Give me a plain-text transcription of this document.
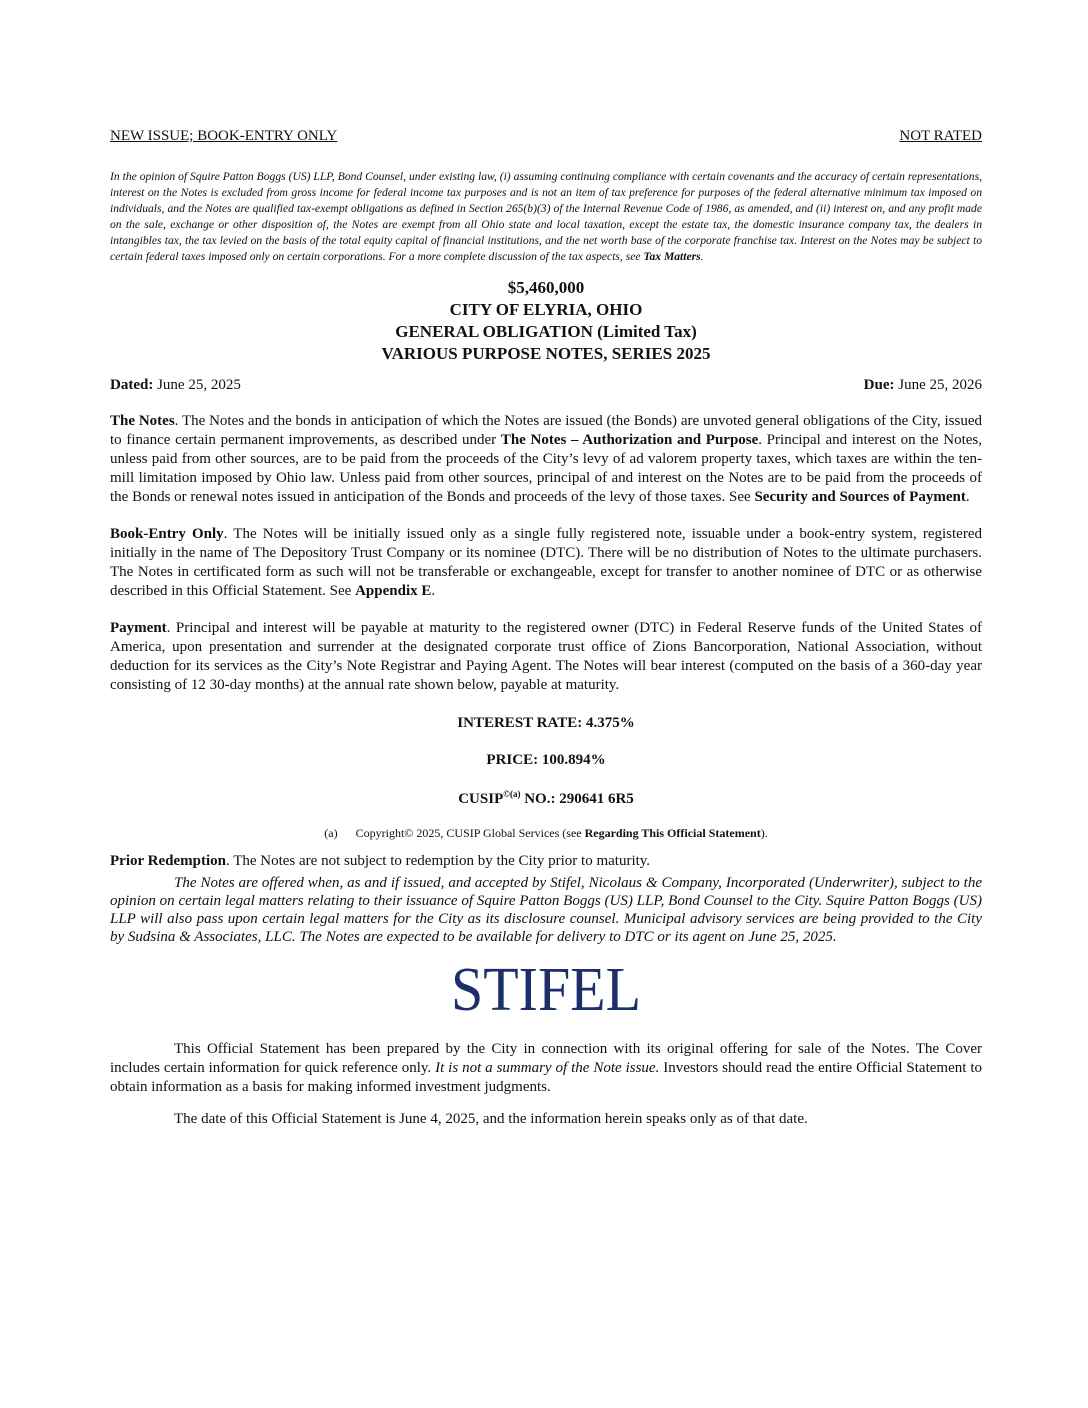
NEW ISSUE; BOOK-ENTRY ONLY	NOT RATED
In the opinion of Squire Patton Boggs (US) LLP, Bond Counsel, under existing law, (i) assuming continuing compliance with certain covenants and the accuracy of certain representations, interest on the Notes is excluded from gross income for federal income tax purposes and is not an item of tax preference for purposes of the federal alternative minimum tax imposed on individuals, and the Notes are qualified tax-exempt obligations as defined in Section 265(b)(3) of the Internal Revenue Code of 1986, as amended, and (ii) interest on, and any profit made on the sale, exchange or other disposition of, the Notes are exempt from all Ohio state and local taxation, except the estate tax, the domestic insurance company tax, the dealers in intangibles tax, the tax levied on the basis of the total equity capital of financial institutions, and the net worth base of the corporate franchise tax. Interest on the Notes may be subject to certain federal taxes imposed only on certain corporations. For a more complete discussion of the tax aspects, see Tax Matters.
$5,460,000
CITY OF ELYRIA, OHIO
GENERAL OBLIGATION (Limited Tax)
VARIOUS PURPOSE NOTES, SERIES 2025
Dated: June 25, 2025	Due: June 25, 2026
The Notes. The Notes and the bonds in anticipation of which the Notes are issued (the Bonds) are unvoted general obligations of the City, issued to finance certain permanent improvements, as described under The Notes – Authorization and Purpose. Principal and interest on the Notes, unless paid from other sources, are to be paid from the proceeds of the City’s levy of ad valorem property taxes, which taxes are within the ten-mill limitation imposed by Ohio law. Unless paid from other sources, principal of and interest on the Notes are to be paid from the proceeds of the Bonds or renewal notes issued in anticipation of the Bonds and proceeds of the levy of those taxes. See Security and Sources of Payment.
Book-Entry Only. The Notes will be initially issued only as a single fully registered note, issuable under a book-entry system, registered initially in the name of The Depository Trust Company or its nominee (DTC). There will be no distribution of Notes to the ultimate purchasers. The Notes in certificated form as such will not be transferable or exchangeable, except for transfer to another nominee of DTC or as otherwise described in this Official Statement. See Appendix E.
Payment. Principal and interest will be payable at maturity to the registered owner (DTC) in Federal Reserve funds of the United States of America, upon presentation and surrender at the designated corporate trust office of Zions Bancorporation, National Association, without deduction for its services as the City’s Note Registrar and Paying Agent. The Notes will bear interest (computed on the basis of a 360-day year consisting of 12 30-day months) at the annual rate shown below, payable at maturity.
INTEREST RATE: 4.375%
PRICE: 100.894%
$CUSIP^{©(a)}$ NO.: 290641 6R5
(a) Copyright© 2025, CUSIP Global Services (see Regarding This Official Statement).
Prior Redemption. The Notes are not subject to redemption by the City prior to maturity.
The Notes are offered when, as and if issued, and accepted by Stifel, Nicolaus & Company, Incorporated (Underwriter), subject to the opinion on certain legal matters relating to their issuance of Squire Patton Boggs (US) LLP, Bond Counsel to the City. Squire Patton Boggs (US) LLP will also pass upon certain legal matters for the City as its disclosure counsel. Municipal advisory services are being provided to the City by Sudsina & Associates, LLC. The Notes are expected to be available for delivery to DTC or its agent on June 25, 2025.
STIFEL
This Official Statement has been prepared by the City in connection with its original offering for sale of the Notes. The Cover includes certain information for quick reference only. It is not a summary of the Note issue. Investors should read the entire Official Statement to obtain information as a basis for making informed investment judgments.
The date of this Official Statement is June 4, 2025, and the information herein speaks only as of that date.
